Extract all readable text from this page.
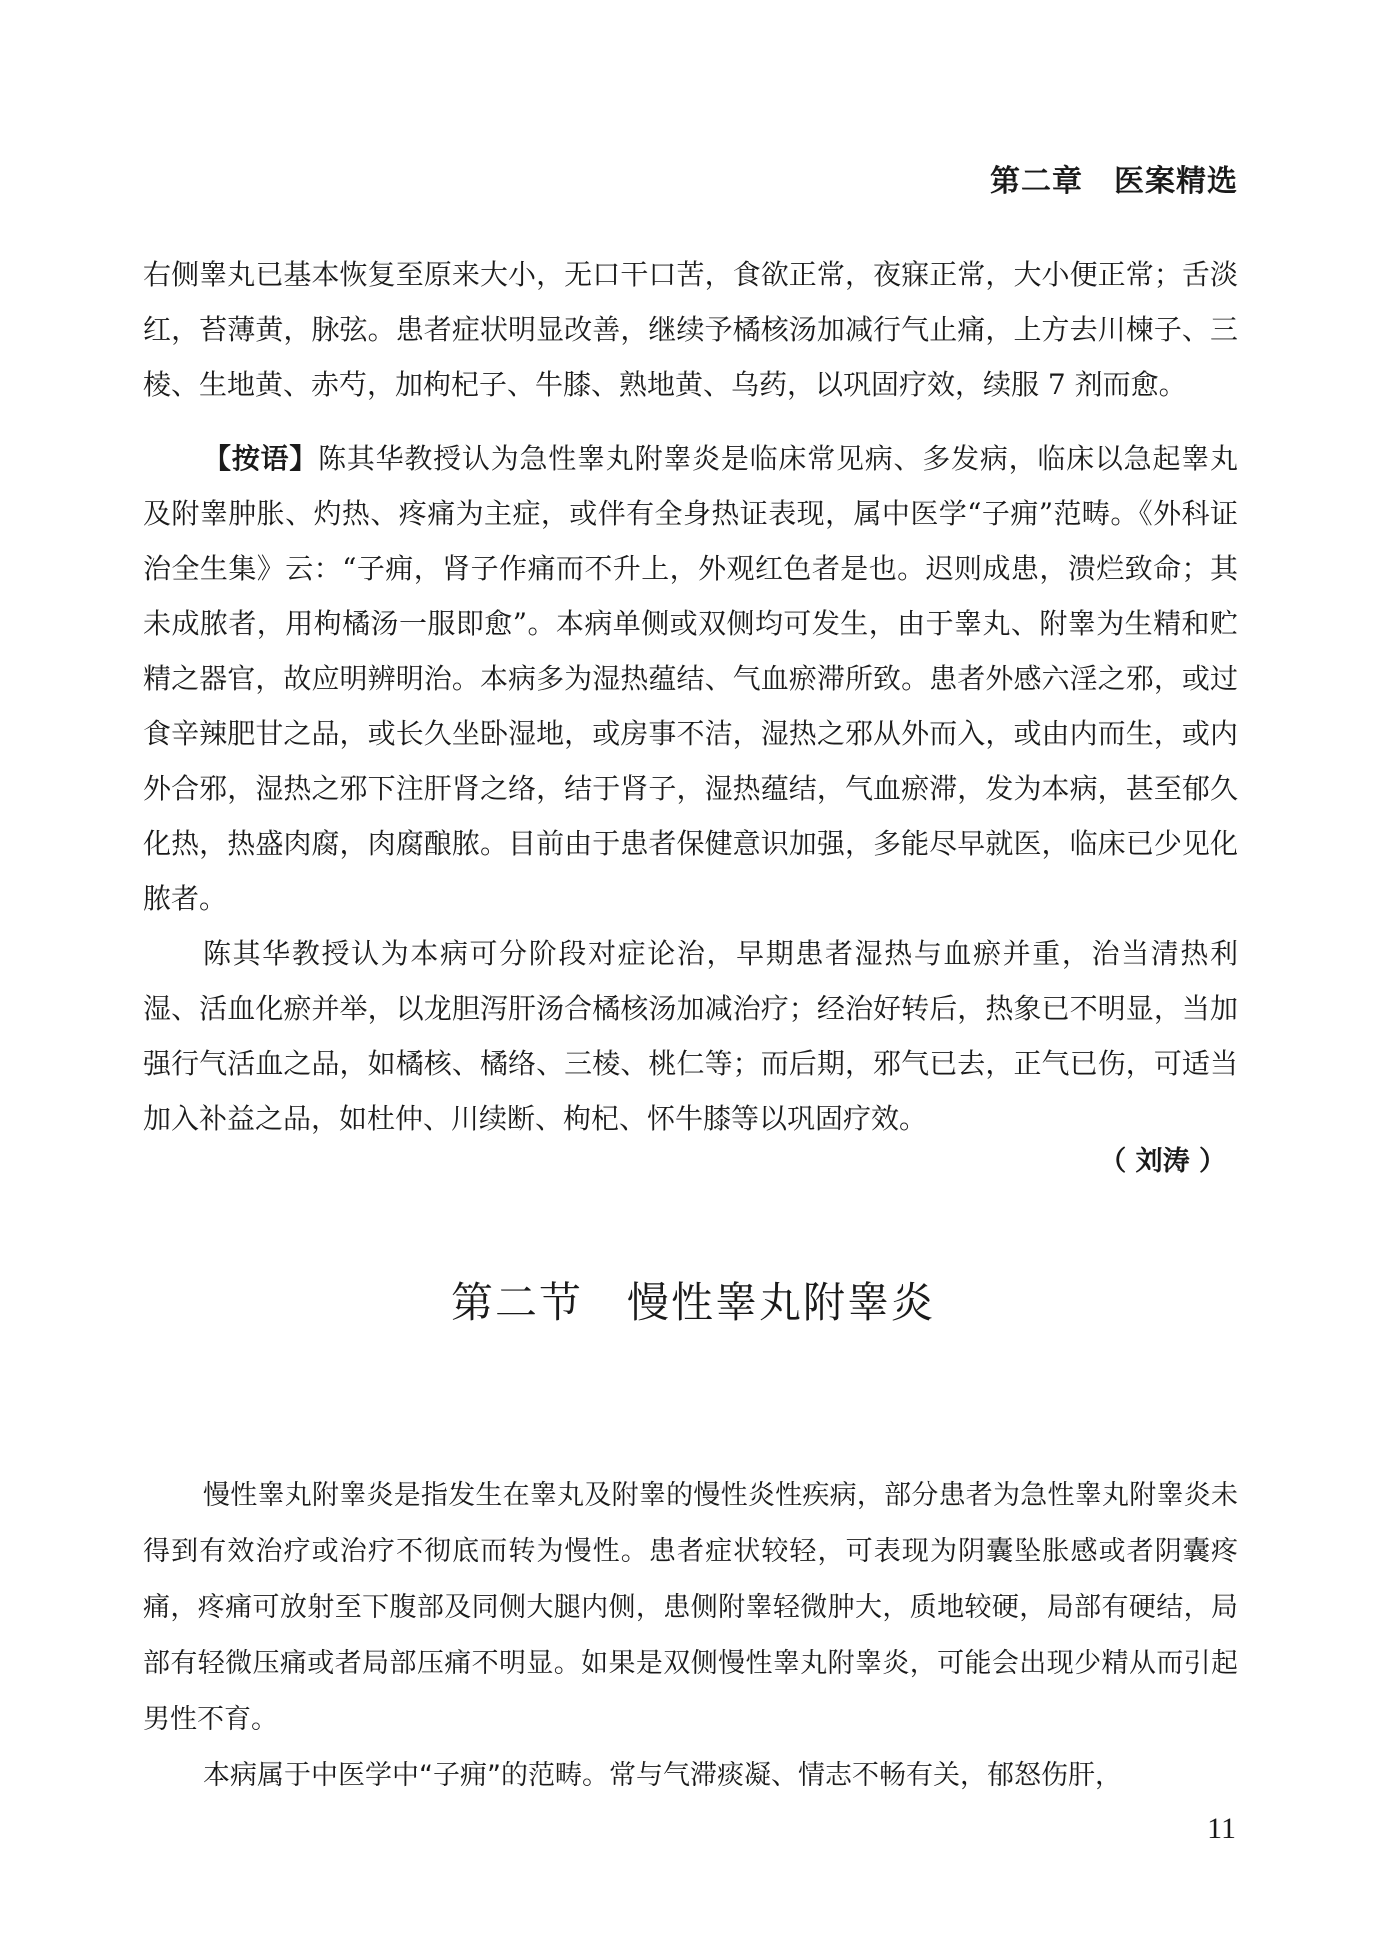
第二章　医案精选

右侧睾丸已基本恢复至原来大小，无口干口苦，食欲正常，夜寐正常，大小便正常；舌淡红，苔薄黄，脉弦。患者症状明显改善，继续予橘核汤加减行气止痛，上方去川楝子、三棱、生地黄、赤芍，加枸杞子、牛膝、熟地黄、乌药，以巩固疗效，续服 7 剂而愈。

【按语】陈其华教授认为急性睾丸附睾炎是临床常见病、多发病，临床以急起睾丸及附睾肿胀、灼热、疼痛为主症，或伴有全身热证表现，属中医学“子痈”范畴。《外科证治全生集》云：“子痈，肾子作痛而不升上，外观红色者是也。迟则成患，溃烂致命；其未成脓者，用枸橘汤一服即愈”。本病单侧或双侧均可发生，由于睾丸、附睾为生精和贮精之器官，故应明辨明治。本病多为湿热蕴结、气血瘀滞所致。患者外感六淫之邪，或过食辛辣肥甘之品，或长久坐卧湿地，或房事不洁，湿热之邪从外而入，或由内而生，或内外合邪，湿热之邪下注肝肾之络，结于肾子，湿热蕴结，气血瘀滞，发为本病，甚至郁久化热，热盛肉腐，肉腐酿脓。目前由于患者保健意识加强，多能尽早就医，临床已少见化脓者。

陈其华教授认为本病可分阶段对症论治，早期患者湿热与血瘀并重，治当清热利湿、活血化瘀并举，以龙胆泻肝汤合橘核汤加减治疗；经治好转后，热象已不明显，当加强行气活血之品，如橘核、橘络、三棱、桃仁等；而后期，邪气已去，正气已伤，可适当加入补益之品，如杜仲、川续断、枸杞、怀牛膝等以巩固疗效。

（ 刘涛 ）
第二节　慢性睾丸附睾炎

慢性睾丸附睾炎是指发生在睾丸及附睾的慢性炎性疾病，部分患者为急性睾丸附睾炎未得到有效治疗或治疗不彻底而转为慢性。患者症状较轻，可表现为阴囊坠胀感或者阴囊疼痛，疼痛可放射至下腹部及同侧大腿内侧，患侧附睾轻微肿大，质地较硬，局部有硬结，局部有轻微压痛或者局部压痛不明显。如果是双侧慢性睾丸附睾炎，可能会出现少精从而引起男性不育。

本病属于中医学中“子痈”的范畴。常与气滞痰凝、情志不畅有关，郁怒伤肝，

11
